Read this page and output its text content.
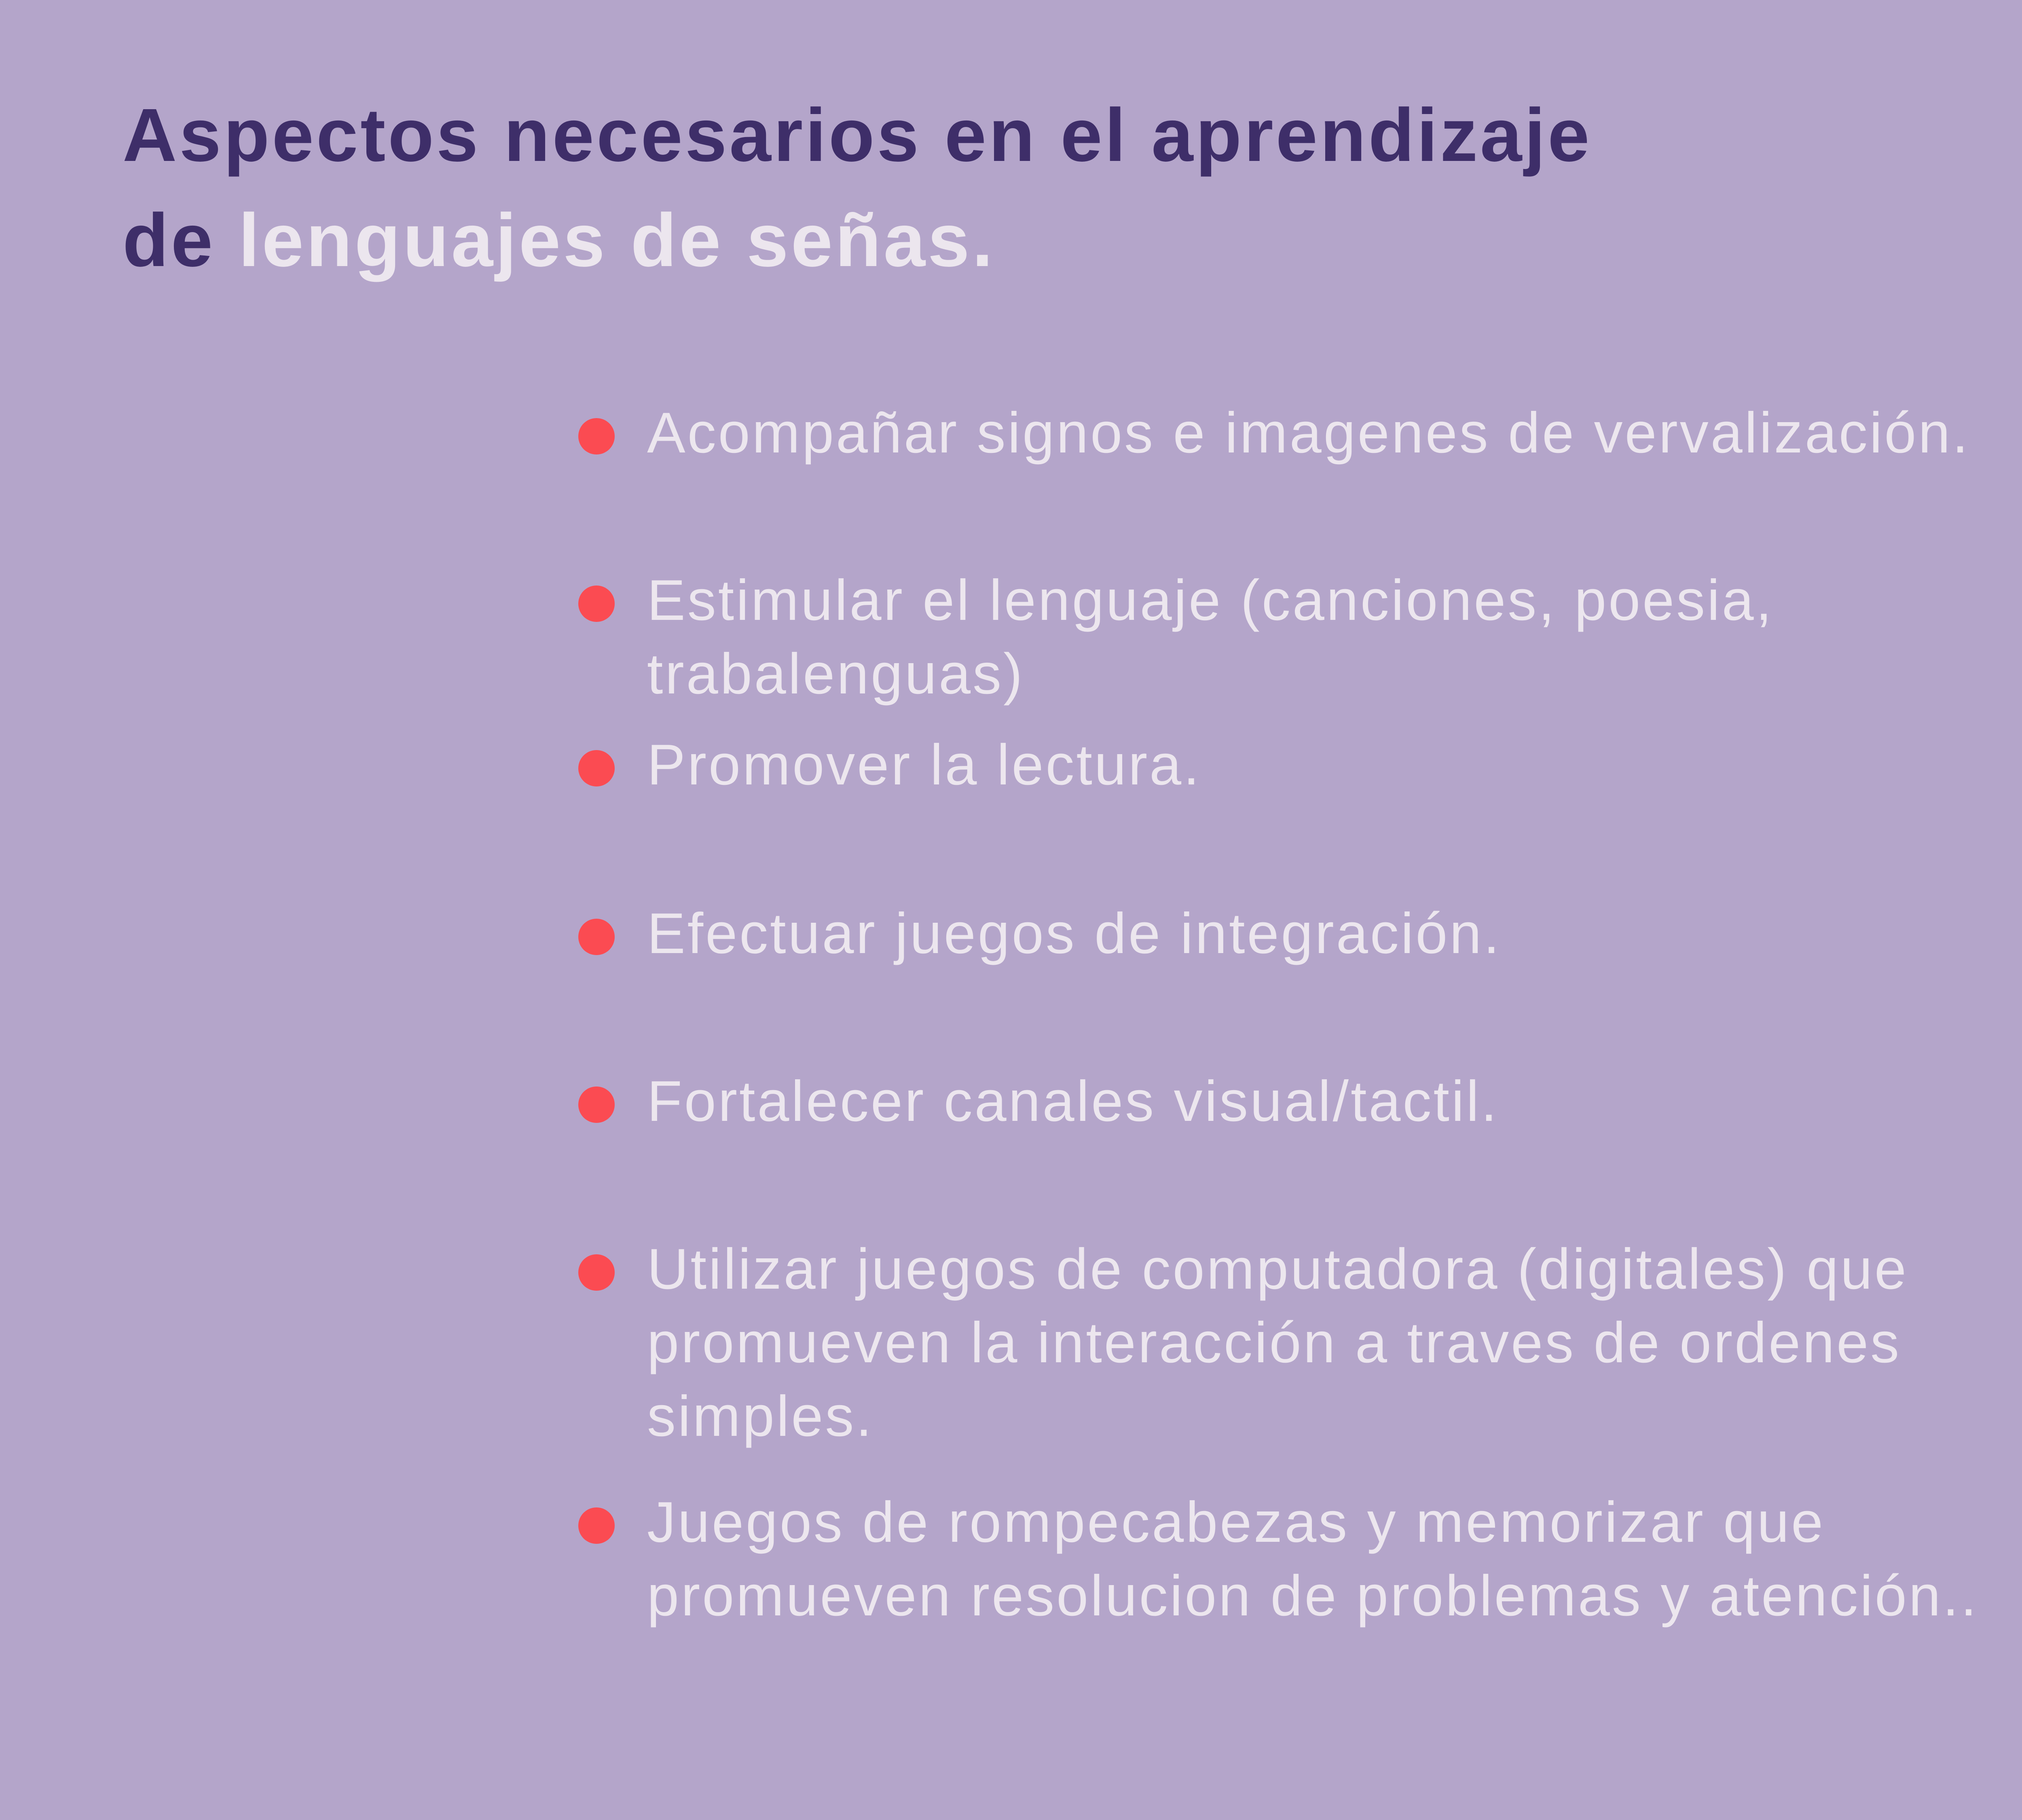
Aspectos necesarios en el aprendizaje
de lenguajes de señas.

Acompañar signos e imagenes de vervalización.

Estimular el lenguaje (canciones, poesia,
trabalenguas)

Promover la lectura.

Efectuar juegos de integración.

Fortalecer canales visual/tactil.

Utilizar juegos de computadora (digitales) que
promueven la interacción a traves de ordenes
simples.

Juegos de rompecabezas y memorizar que
promueven resolucion de problemas y atención..
